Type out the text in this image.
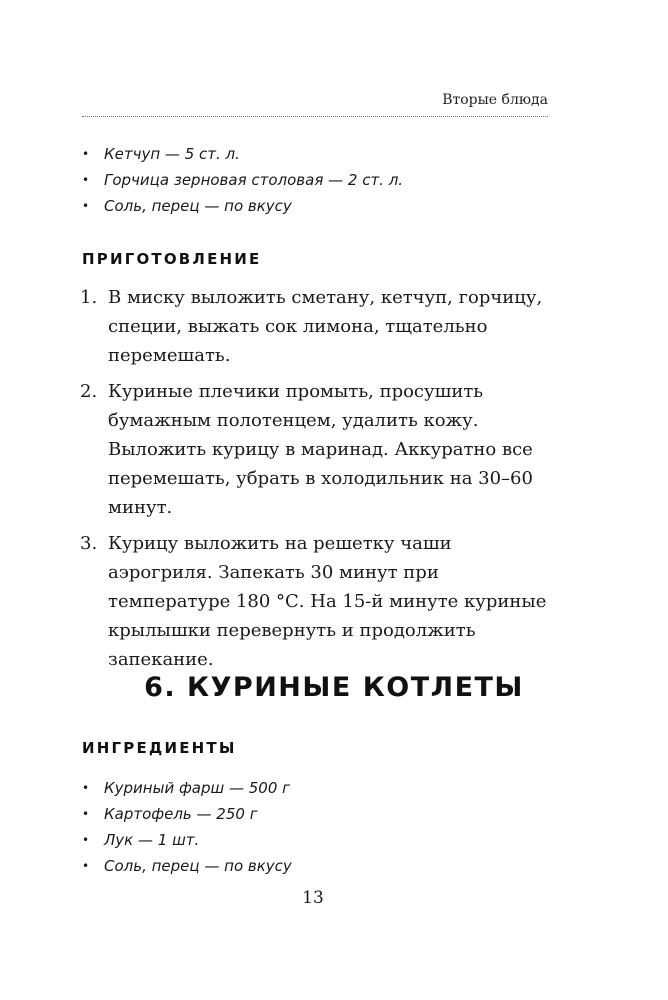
Вторые блюда
• Кетчуп — 5 ст. л.
• Горчица зерновая столовая — 2 ст. л.
• Соль, перец — по вкусу
ПРИГОТОВЛЕНИЕ
1. В миску выложить сметану, кетчуп, горчицу, специи, выжать сок лимона, тщательно перемешать.
2. Куриные плечики промыть, просушить бумажным полотенцем, удалить кожу. Выложить курицу в маринад. Аккуратно все перемешать, убрать в холодильник на 30–60 минут.
3. Курицу выложить на решетку чаши аэрогриля. Запекать 30 минут при температуре 180 °С. На 15-й минуте куриные крылышки перевернуть и продолжить запекание.
6. КУРИНЫЕ КОТЛЕТЫ
ИНГРЕДИЕНТЫ
• Куриный фарш — 500 г
• Картофель — 250 г
• Лук — 1 шт.
• Соль, перец — по вкусу
13
